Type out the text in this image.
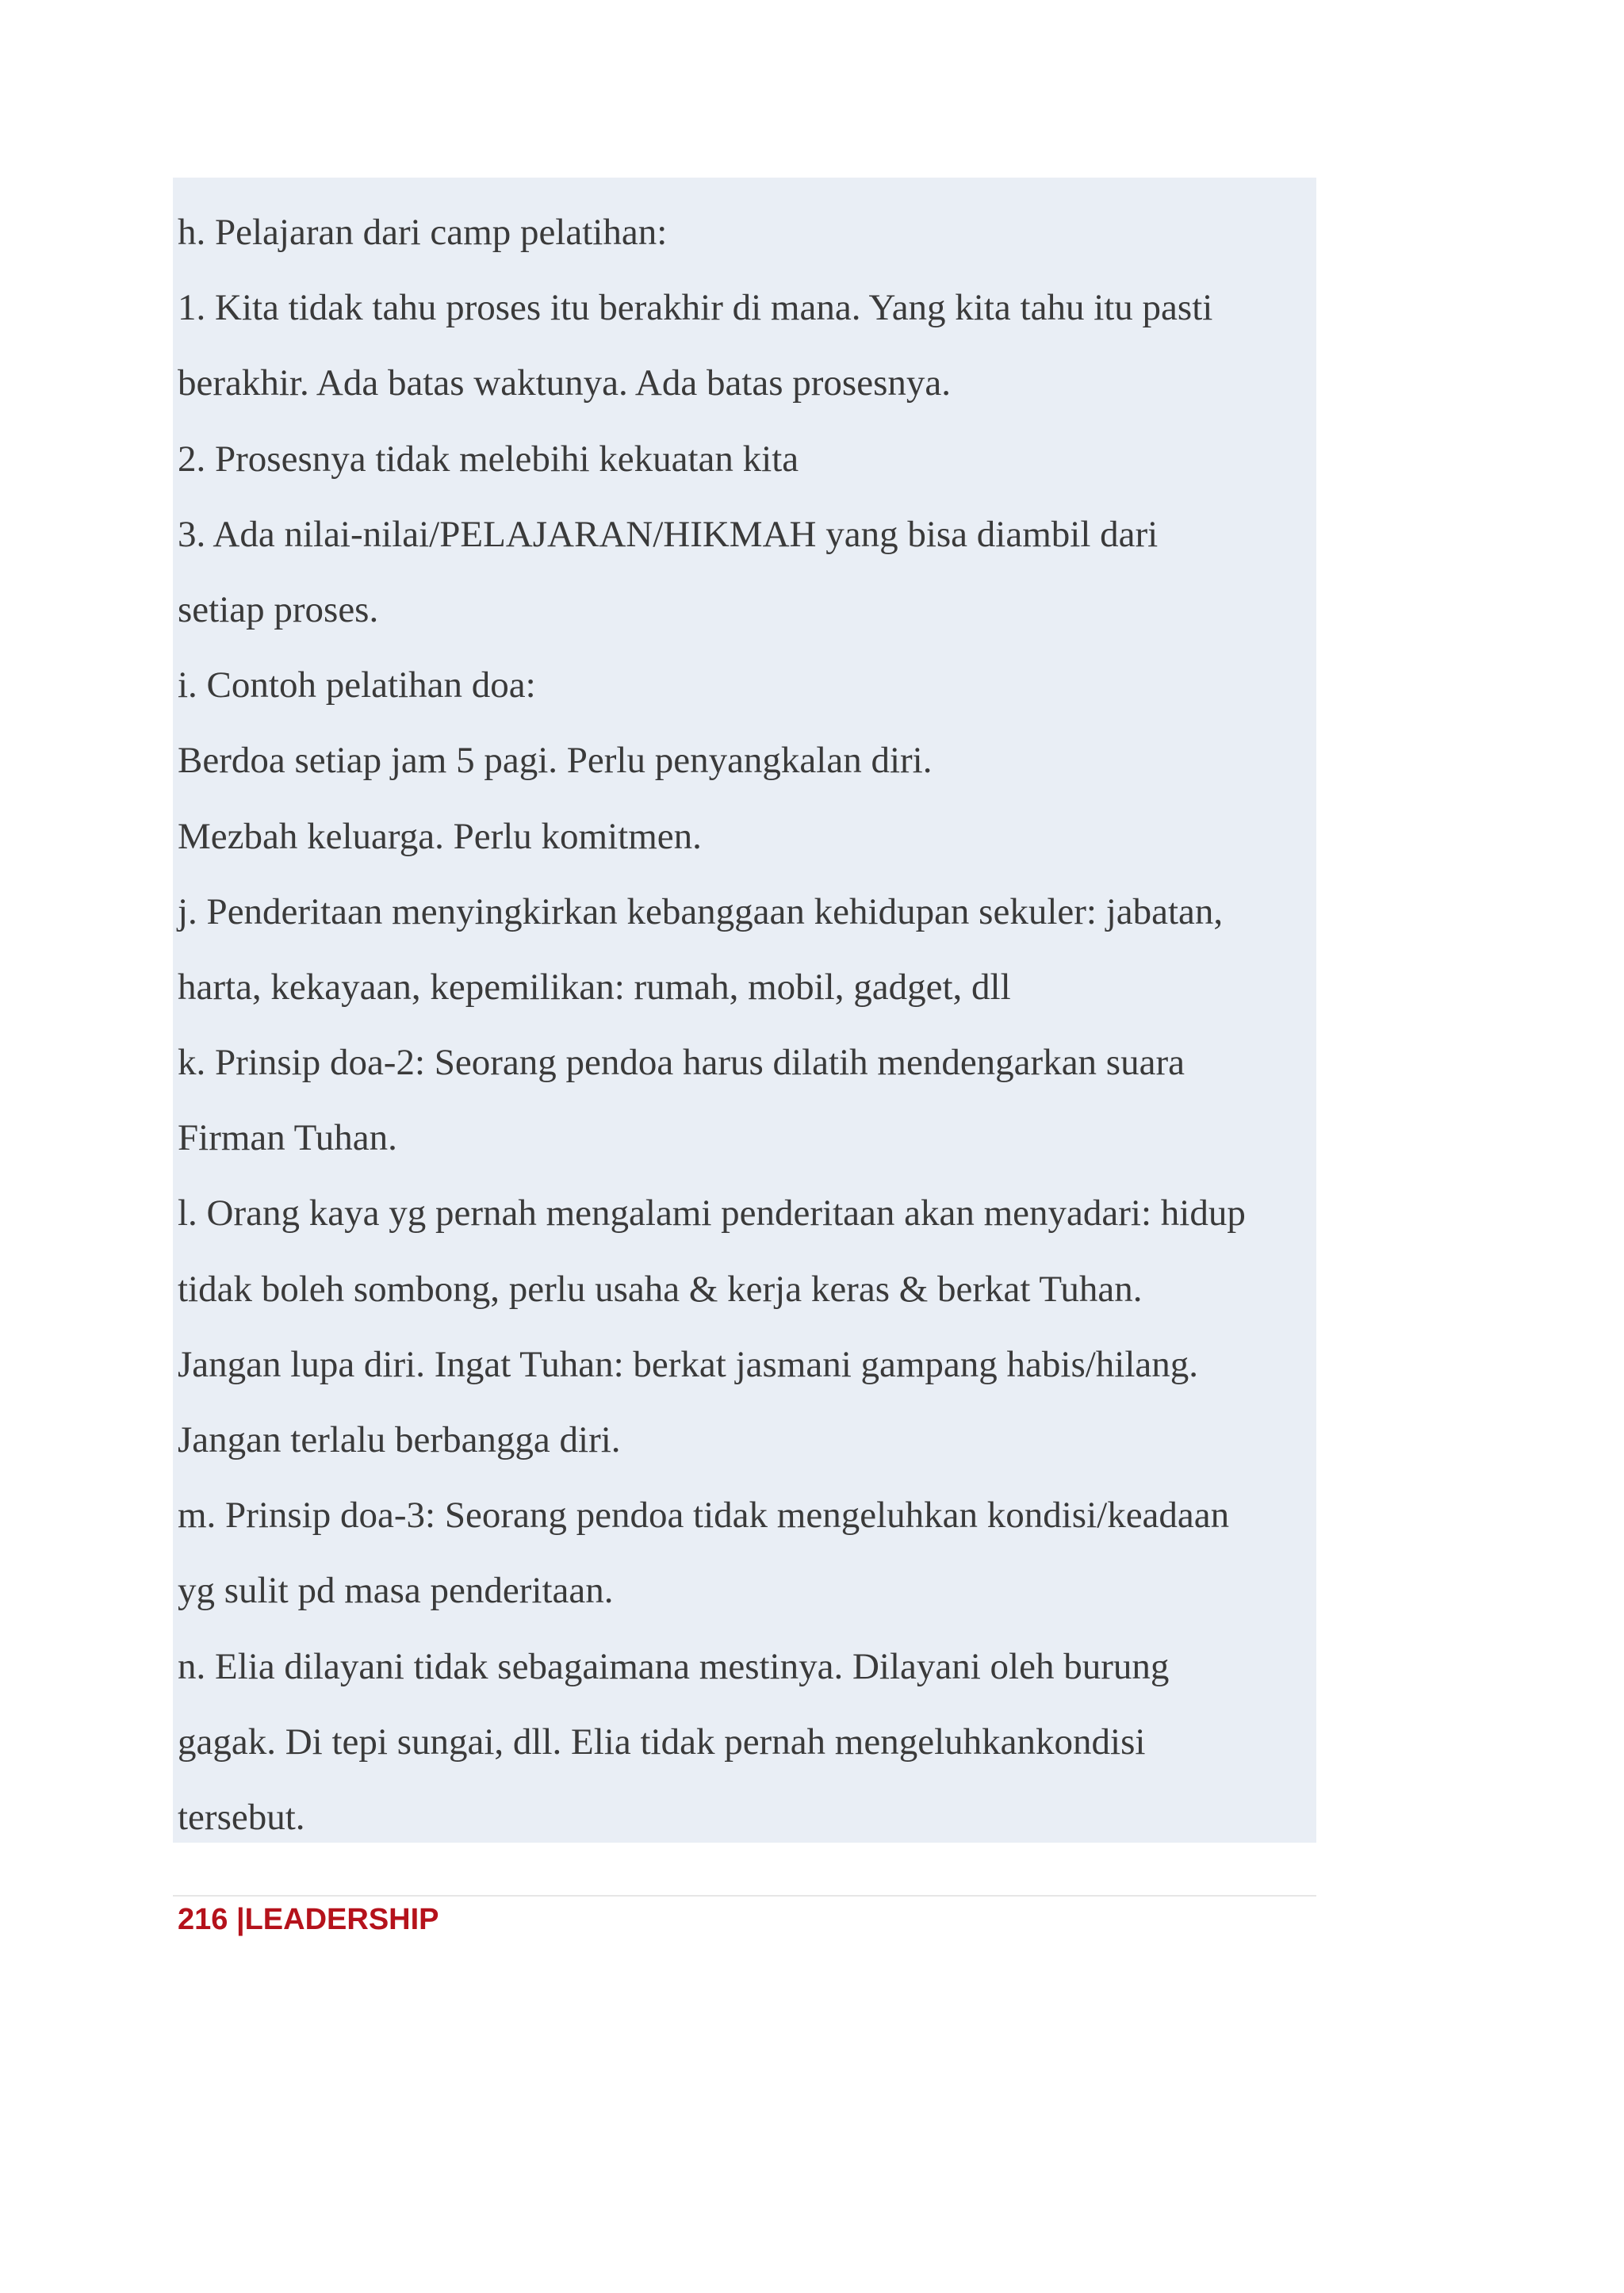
h. Pelajaran dari camp pelatihan:
1. Kita tidak tahu proses itu berakhir di mana. Yang kita tahu itu pasti
berakhir. Ada batas waktunya. Ada batas prosesnya.
2. Prosesnya tidak melebihi kekuatan kita
3. Ada nilai-nilai/PELAJARAN/HIKMAH yang bisa diambil dari
setiap proses.
i. Contoh pelatihan doa:
Berdoa setiap jam 5 pagi. Perlu penyangkalan diri.
Mezbah keluarga. Perlu komitmen.
j. Penderitaan menyingkirkan kebanggaan kehidupan sekuler: jabatan,
harta, kekayaan, kepemilikan: rumah, mobil, gadget, dll
k. Prinsip doa-2: Seorang pendoa harus dilatih mendengarkan suara
Firman Tuhan.
l. Orang kaya yg pernah mengalami penderitaan akan menyadari: hidup
tidak boleh sombong, perlu usaha & kerja keras & berkat Tuhan.
Jangan lupa diri. Ingat Tuhan: berkat jasmani gampang habis/hilang.
Jangan terlalu berbangga diri.
m. Prinsip doa-3: Seorang pendoa tidak mengeluhkan kondisi/keadaan
yg sulit pd masa penderitaan.
n. Elia dilayani tidak sebagaimana mestinya. Dilayani oleh burung
gagak. Di tepi sungai, dll. Elia tidak pernah mengeluhkankondisi
tersebut.
216 |LEADERSHIP
